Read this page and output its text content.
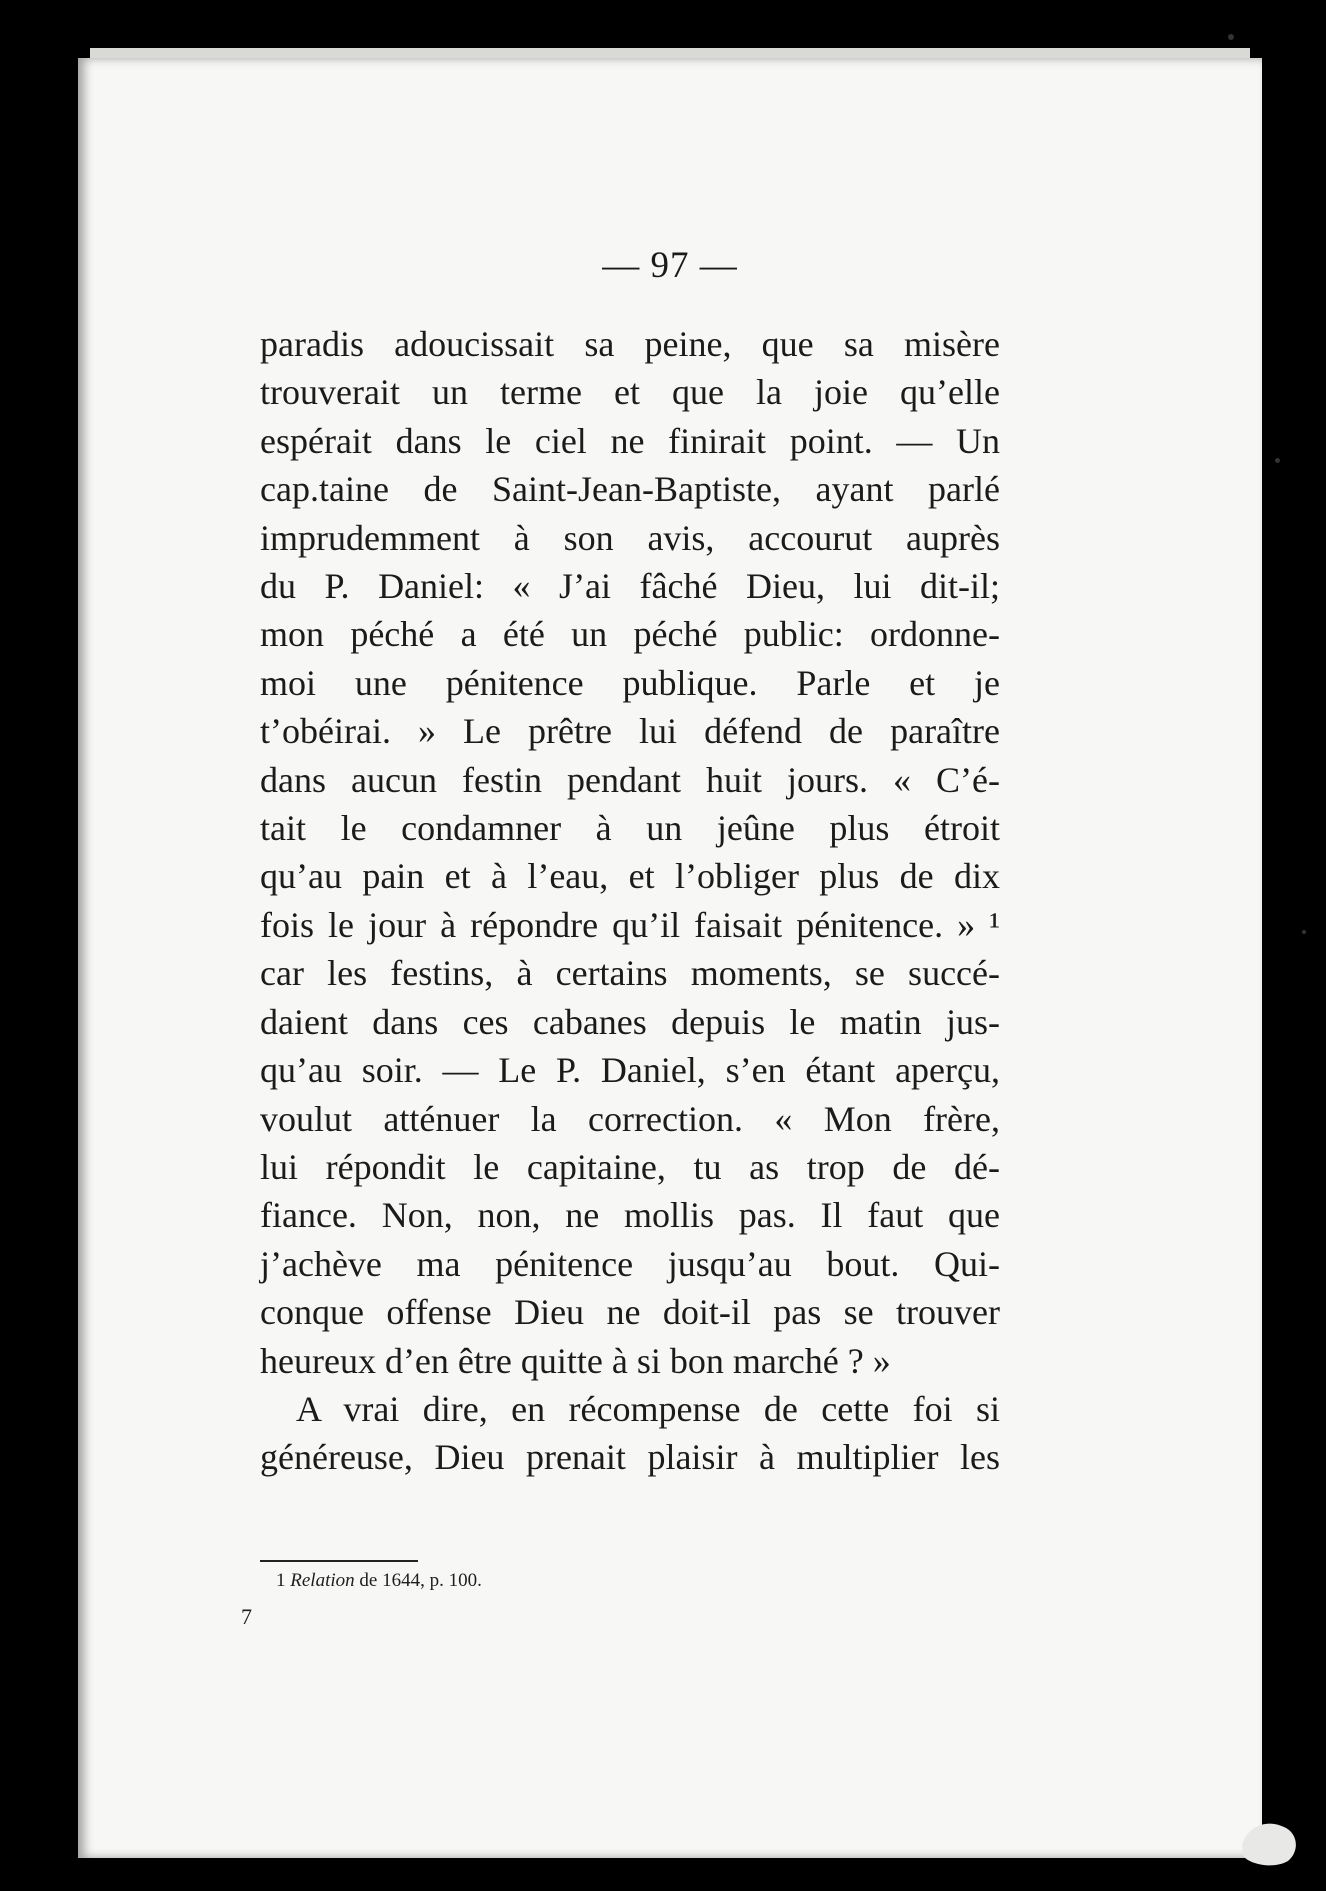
— 97 —
paradis adoucissait sa peine, que sa misère
trouverait un terme et que la joie qu’elle
espérait dans le ciel ne finirait point. — Un
cap.taine de Saint-Jean-Baptiste, ayant parlé
imprudemment à son avis, accourut auprès
du P. Daniel: « J’ai fâché Dieu, lui dit-il;
mon péché a été un péché public: ordonne-
moi une pénitence publique. Parle et je
t’obéirai. » Le prêtre lui défend de paraître
dans aucun festin pendant huit jours. « C’é-
tait le condamner à un jeûne plus étroit
qu’au pain et à l’eau, et l’obliger plus de dix
fois le jour à répondre qu’il faisait pénitence. » ¹
car les festins, à certains moments, se succé-
daient dans ces cabanes depuis le matin jus-
qu’au soir. — Le P. Daniel, s’en étant aperçu,
voulut atténuer la correction. « Mon frère,
lui répondit le capitaine, tu as trop de dé-
fiance. Non, non, ne mollis pas. Il faut que
j’achève ma pénitence jusqu’au bout. Qui-
conque offense Dieu ne doit-il pas se trouver
heureux d’en être quitte à si bon marché ? »
A vrai dire, en récompense de cette foi si
généreuse, Dieu prenait plaisir à multiplier les
1 Relation de 1644, p. 100.
7
